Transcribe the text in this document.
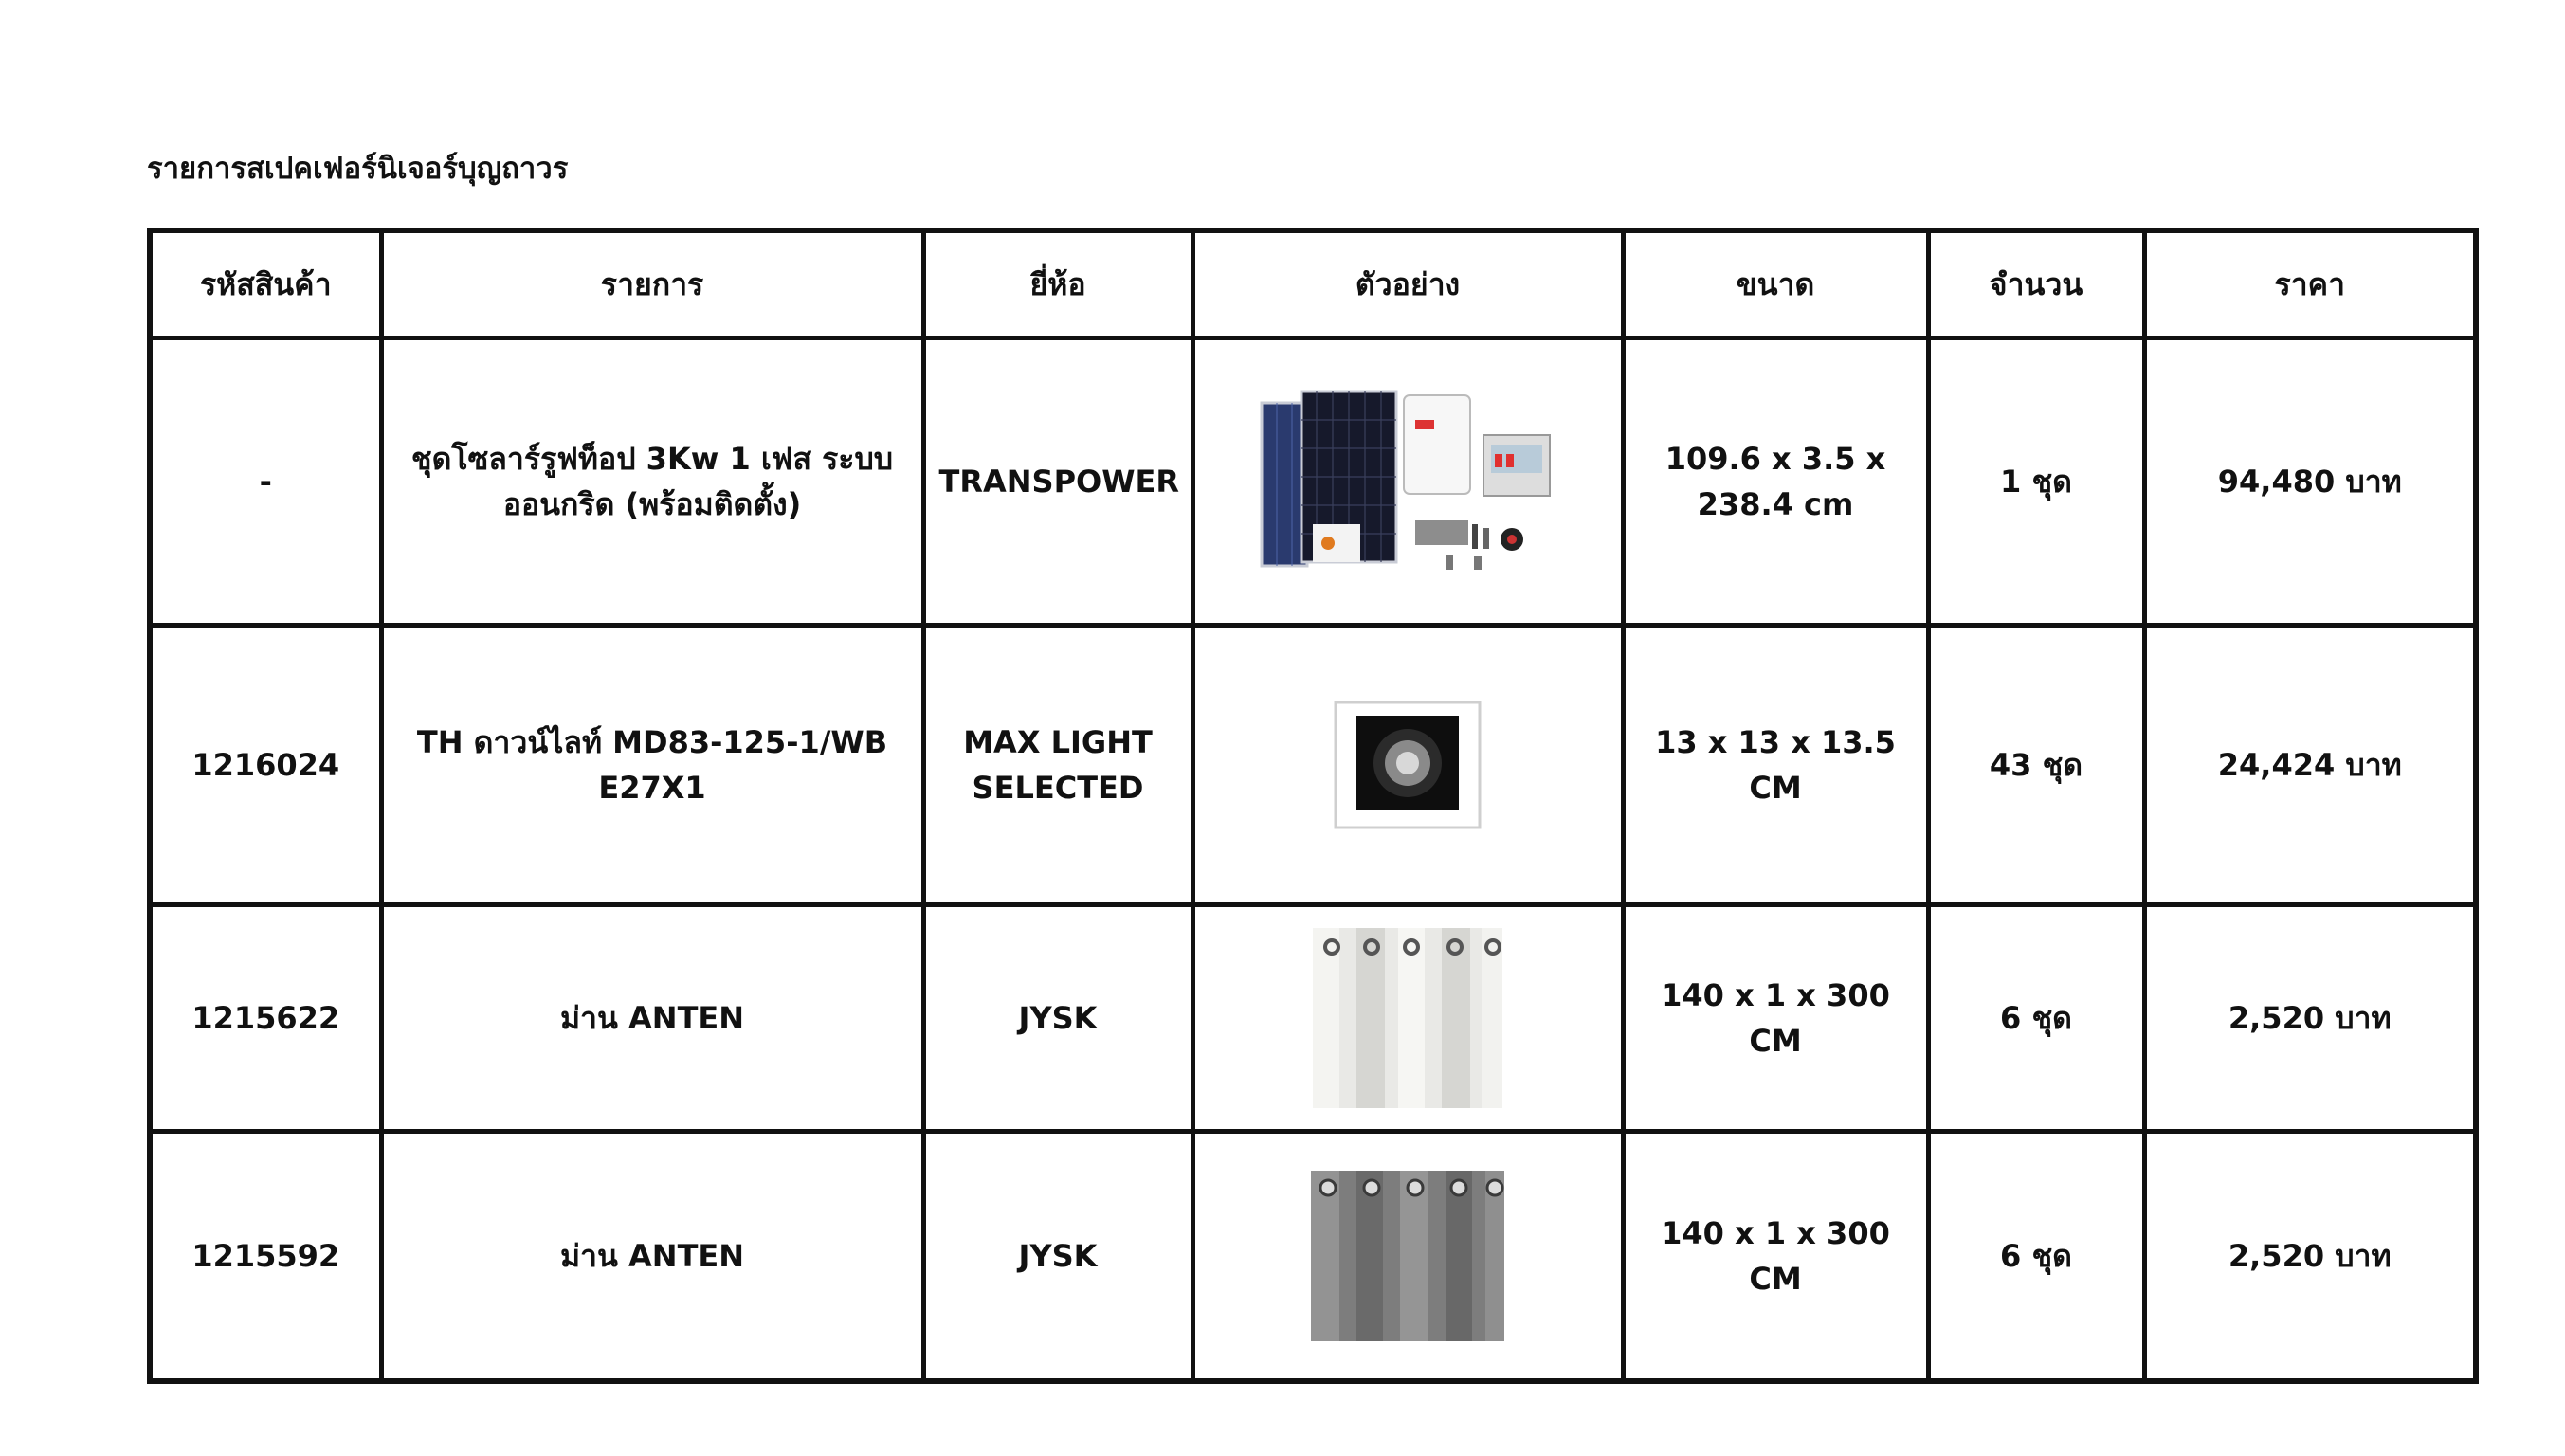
รายการสเปคเฟอร์นิเจอร์บุญถาวร
รหัสสินค้า	รายการ	ยี่ห้อ	ตัวอย่าง	ขนาด	จำนวน	ราคา
-	ชุดโซลาร์รูฟท็อป 3Kw 1 เฟส ระบบออนกริด (พร้อมติดตั้ง)	TRANSPOWER		109.6 x 3.5 x 238.4 cm	1 ชุด	94,480 บาท
1216024	TH ดาวน์ไลท์ MD83-125-1/WB E27X1	MAX LIGHT SELECTED		13 x 13 x 13.5 CM	43 ชุด	24,424 บาท
1215622	ม่าน ANTEN	JYSK		140 x 1 x 300 CM	6 ชุด	2,520 บาท
1215592	ม่าน ANTEN	JYSK		140 x 1 x 300 CM	6 ชุด	2,520 บาท
